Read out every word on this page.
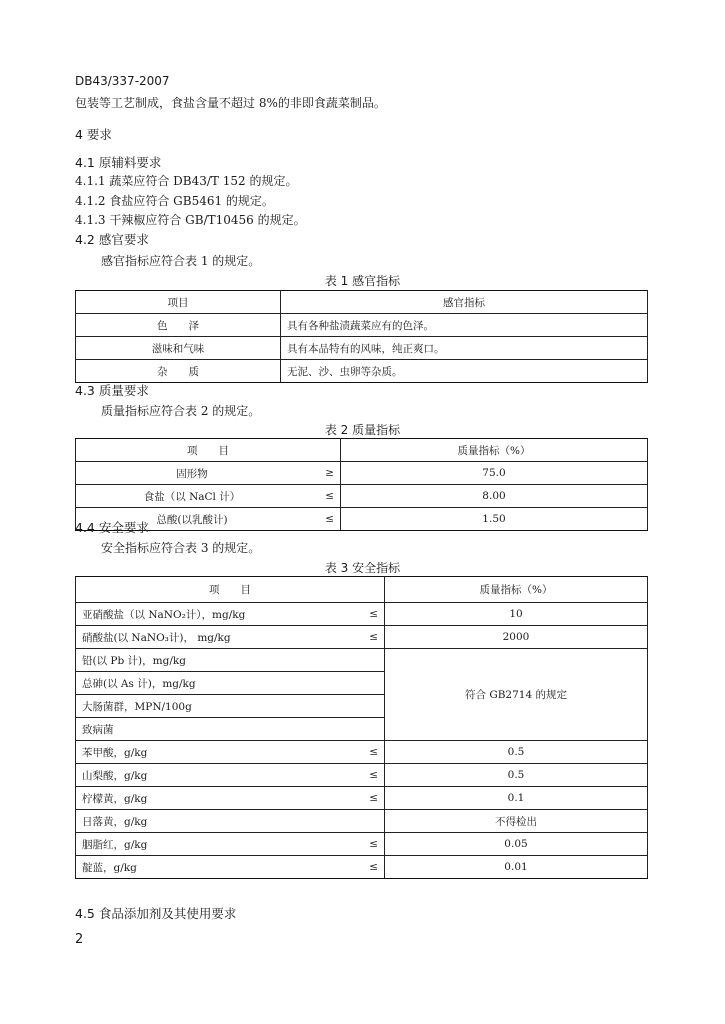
DB43/337-2007
包装等工艺制成，食盐含量不超过 8%的非即食蔬菜制品。
4 要求
4.1 原辅料要求
4.1.1 蔬菜应符合 DB43/T 152 的规定。
4.1.2 食盐应符合 GB5461 的规定。
4.1.3 干辣椒应符合 GB/T10456 的规定。
4.2 感官要求
感官指标应符合表 1 的规定。
表 1 感官指标
项目	感官指标
色　　泽	具有各种盐渍蔬菜应有的色泽。
滋味和气味	具有本品特有的风味，纯正爽口。
杂　　质	无泥、沙、虫卵等杂质。
4.3 质量要求
质量指标应符合表 2 的规定。
表 2 质量指标
项　　目		质量指标（%）
固形物	≥	75.0
食盐（以 NaCl 计）	≤	8.00
总酸(以乳酸计)	≤	1.50
4.4 安全要求
安全指标应符合表 3 的规定。
表 3 安全指标
项　　目		质量指标（%）
亚硝酸盐（以 NaNO₂计），mg/kg	≤	10
硝酸盐(以 NaNO₃计)， mg/kg	≤	2000
铅(以 Pb 计)，mg/kg		符合 GB2714 的规定
总砷(以 As 计)，mg/kg		
大肠菌群，MPN/100g		
致病菌		
苯甲酸，g/kg	≤	0.5
山梨酸，g/kg	≤	0.5
柠檬黄，g/kg	≤	0.1
日落黄，g/kg		不得检出
胭脂红，g/kg	≤	0.05
靛蓝，g/kg	≤	0.01
4.5 食品添加剂及其使用要求
2
